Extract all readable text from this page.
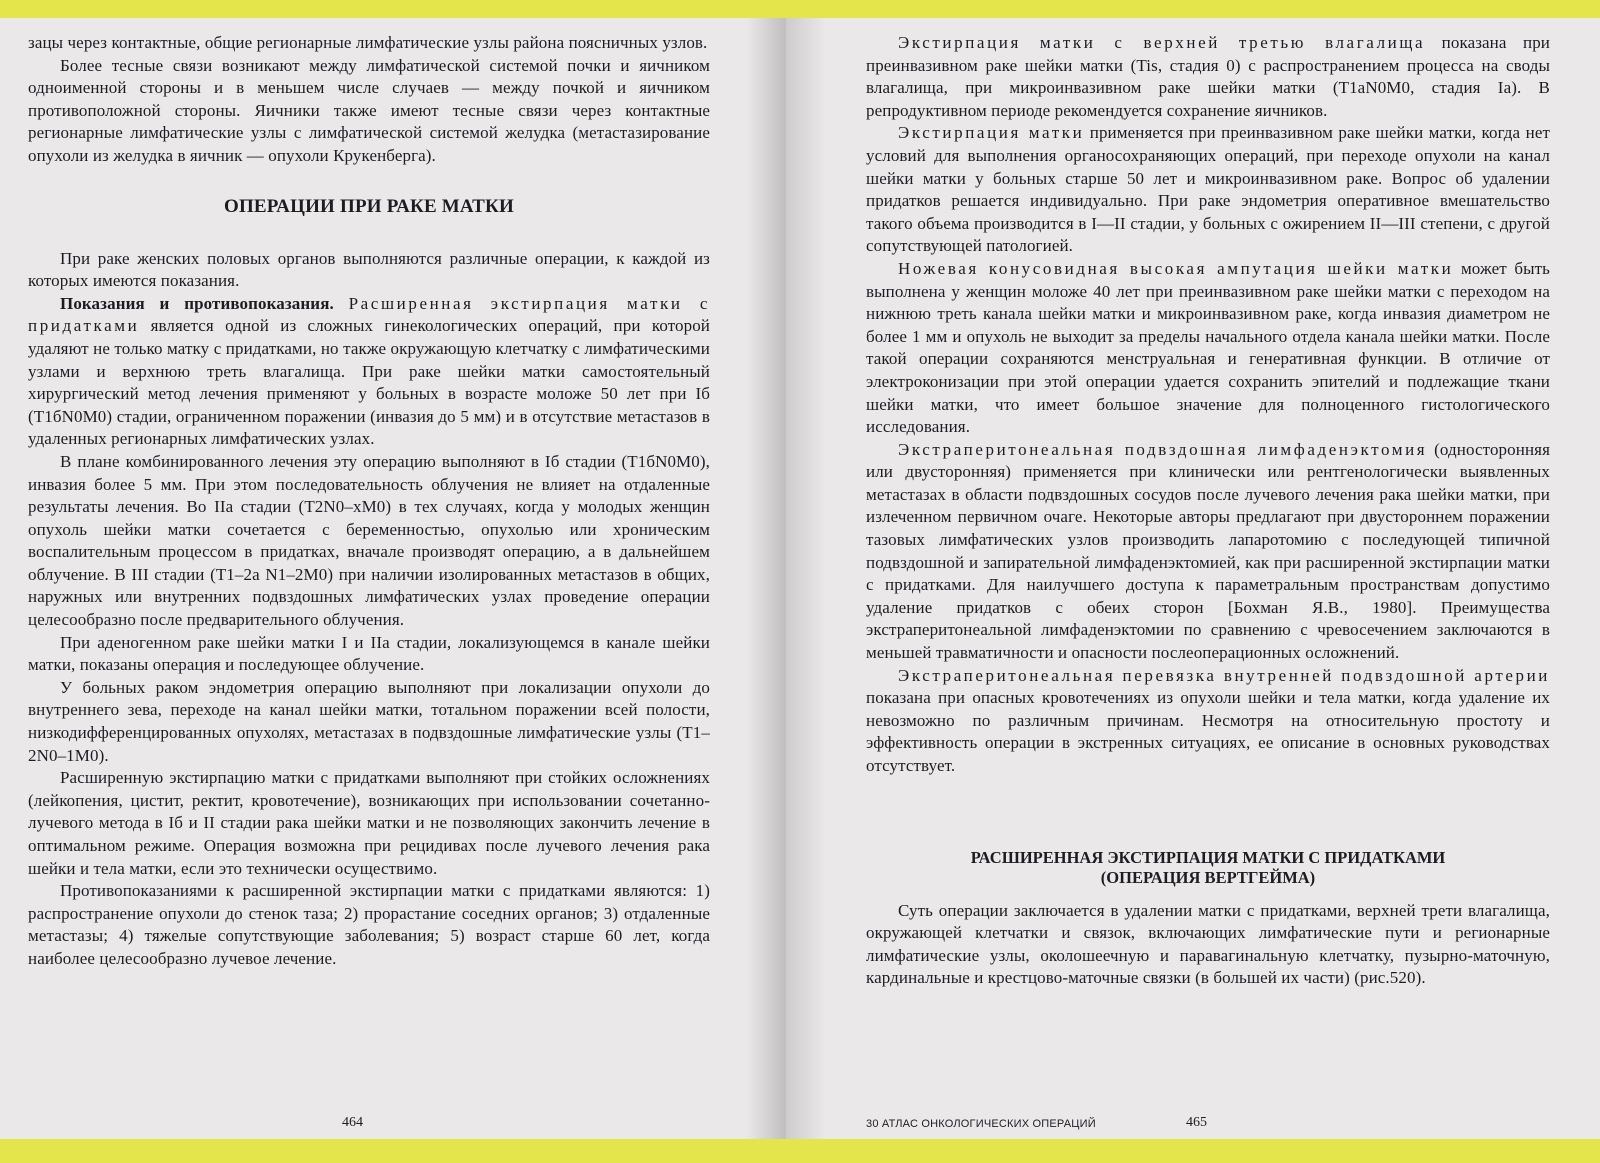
зацы через контактные, общие регионарные лимфатические узлы района поясничных узлов.

Более тесные связи возникают между лимфатической системой почки и яичником одноименной стороны и в меньшем числе случаев — между почкой и яичником противоположной стороны. Яичники также имеют тесные связи через контактные регионарные лимфатические узлы с лимфатической системой желудка (метастазирование опухоли из желудка в яичник — опухоли Крукенберга).

ОПЕРАЦИИ ПРИ РАКЕ МАТКИ

При раке женских половых органов выполняются различные операции, к каждой из которых имеются показания.

Показания и противопоказания. Расширенная экстирпация матки с придатками является одной из сложных гинекологических операций, при которой удаляют не только матку с придатками, но также окружающую клетчатку с лимфатическими узлами и верхнюю треть влагалища. При раке шейки матки самостоятельный хирургический метод лечения применяют у больных в возрасте моложе 50 лет при Iб (T1бN0M0) стадии, ограниченном поражении (инвазия до 5 мм) и в отсутствие метастазов в удаленных регионарных лимфатических узлах.

В плане комбинированного лечения эту операцию выполняют в Iб стадии (T1бN0M0), инвазия более 5 мм. При этом последовательность облучения не влияет на отдаленные результаты лечения. Во IIа стадии (T2N0–xM0) в тех случаях, когда у молодых женщин опухоль шейки матки сочетается с беременностью, опухолью или хроническим воспалительным процессом в придатках, вначале производят операцию, а в дальнейшем облучение. В III стадии (T1–2a N1–2M0) при наличии изолированных метастазов в общих, наружных или внутренних подвздошных лимфатических узлах проведение операции целесообразно после предварительного облучения.

При аденогенном раке шейки матки I и IIа стадии, локализующемся в канале шейки матки, показаны операция и последующее облучение.

У больных раком эндометрия операцию выполняют при локализации опухоли до внутреннего зева, переходе на канал шейки матки, тотальном поражении всей полости, низкодифференцированных опухолях, метастазах в подвздошные лимфатические узлы (T1–2N0–1M0).

Расширенную экстирпацию матки с придатками выполняют при стойких осложнениях (лейкопения, цистит, ректит, кровотечение), возникающих при использовании сочетанно-лучевого метода в Iб и II стадии рака шейки матки и не позволяющих закончить лечение в оптимальном режиме. Операция возможна при рецидивах после лучевого лечения рака шейки и тела матки, если это технически осуществимо.

Противопоказаниями к расширенной экстирпации матки с придатками являются: 1) распространение опухоли до стенок таза; 2) прорастание соседних органов; 3) отдаленные метастазы; 4) тяжелые сопутствующие заболевания; 5) возраст старше 60 лет, когда наиболее целесообразно лучевое лечение.

464

Экстирпация матки с верхней третью влагалища показана при преинвазивном раке шейки матки (Tis, стадия 0) с распространением процесса на своды влагалища, при микроинвазивном раке шейки матки (T1aN0M0, стадия Iа). В репродуктивном периоде рекомендуется сохранение яичников.

Экстирпация матки применяется при преинвазивном раке шейки матки, когда нет условий для выполнения органосохраняющих операций, при переходе опухоли на канал шейки матки у больных старше 50 лет и микроинвазивном раке. Вопрос об удалении придатков решается индивидуально. При раке эндометрия оперативное вмешательство такого объема производится в I—II стадии, у больных с ожирением II—III степени, с другой сопутствующей патологией.

Ножевая конусовидная высокая ампутация шейки матки может быть выполнена у женщин моложе 40 лет при преинвазивном раке шейки матки с переходом на нижнюю треть канала шейки матки и микроинвазивном раке, когда инвазия диаметром не более 1 мм и опухоль не выходит за пределы начального отдела канала шейки матки. После такой операции сохраняются менструальная и генеративная функции. В отличие от электроконизации при этой операции удается сохранить эпителий и подлежащие ткани шейки матки, что имеет большое значение для полноценного гистологического исследования.

Экстраперитонеальная подвздошная лимфаденэктомия (односторонняя или двусторонняя) применяется при клинически или рентгенологически выявленных метастазах в области подвздошных сосудов после лучевого лечения рака шейки матки, при излеченном первичном очаге. Некоторые авторы предлагают при двустороннем поражении тазовых лимфатических узлов производить лапаротомию с последующей типичной подвздошной и запирательной лимфаденэктомией, как при расширенной экстирпации матки с придатками. Для наилучшего доступа к параметральным пространствам допустимо удаление придатков с обеих сторон [Бохман Я.В., 1980]. Преимущества экстраперитонеальной лимфаденэктомии по сравнению с чревосечением заключаются в меньшей травматичности и опасности послеоперационных осложнений.

Экстраперитонеальная перевязка внутренней подвздошной артерии показана при опасных кровотечениях из опухоли шейки и тела матки, когда удаление их невозможно по различным причинам. Несмотря на относительную простоту и эффективность операции в экстренных ситуациях, ее описание в основных руководствах отсутствует.

РАСШИРЕННАЯ ЭКСТИРПАЦИЯ МАТКИ С ПРИДАТКАМИ
(ОПЕРАЦИЯ ВЕРТГЕЙМА)

Суть операции заключается в удалении матки с придатками, верхней трети влагалища, окружающей клетчатки и связок, включающих лимфатические пути и регионарные лимфатические узлы, околошеечную и паравагинальную клетчатку, пузырно-маточную, кардинальные и крестцово-маточные связки (в большей их части) (рис.520).

30 АТЛАС ОНКОЛОГИЧЕСКИХ ОПЕРАЦИЙ	465
